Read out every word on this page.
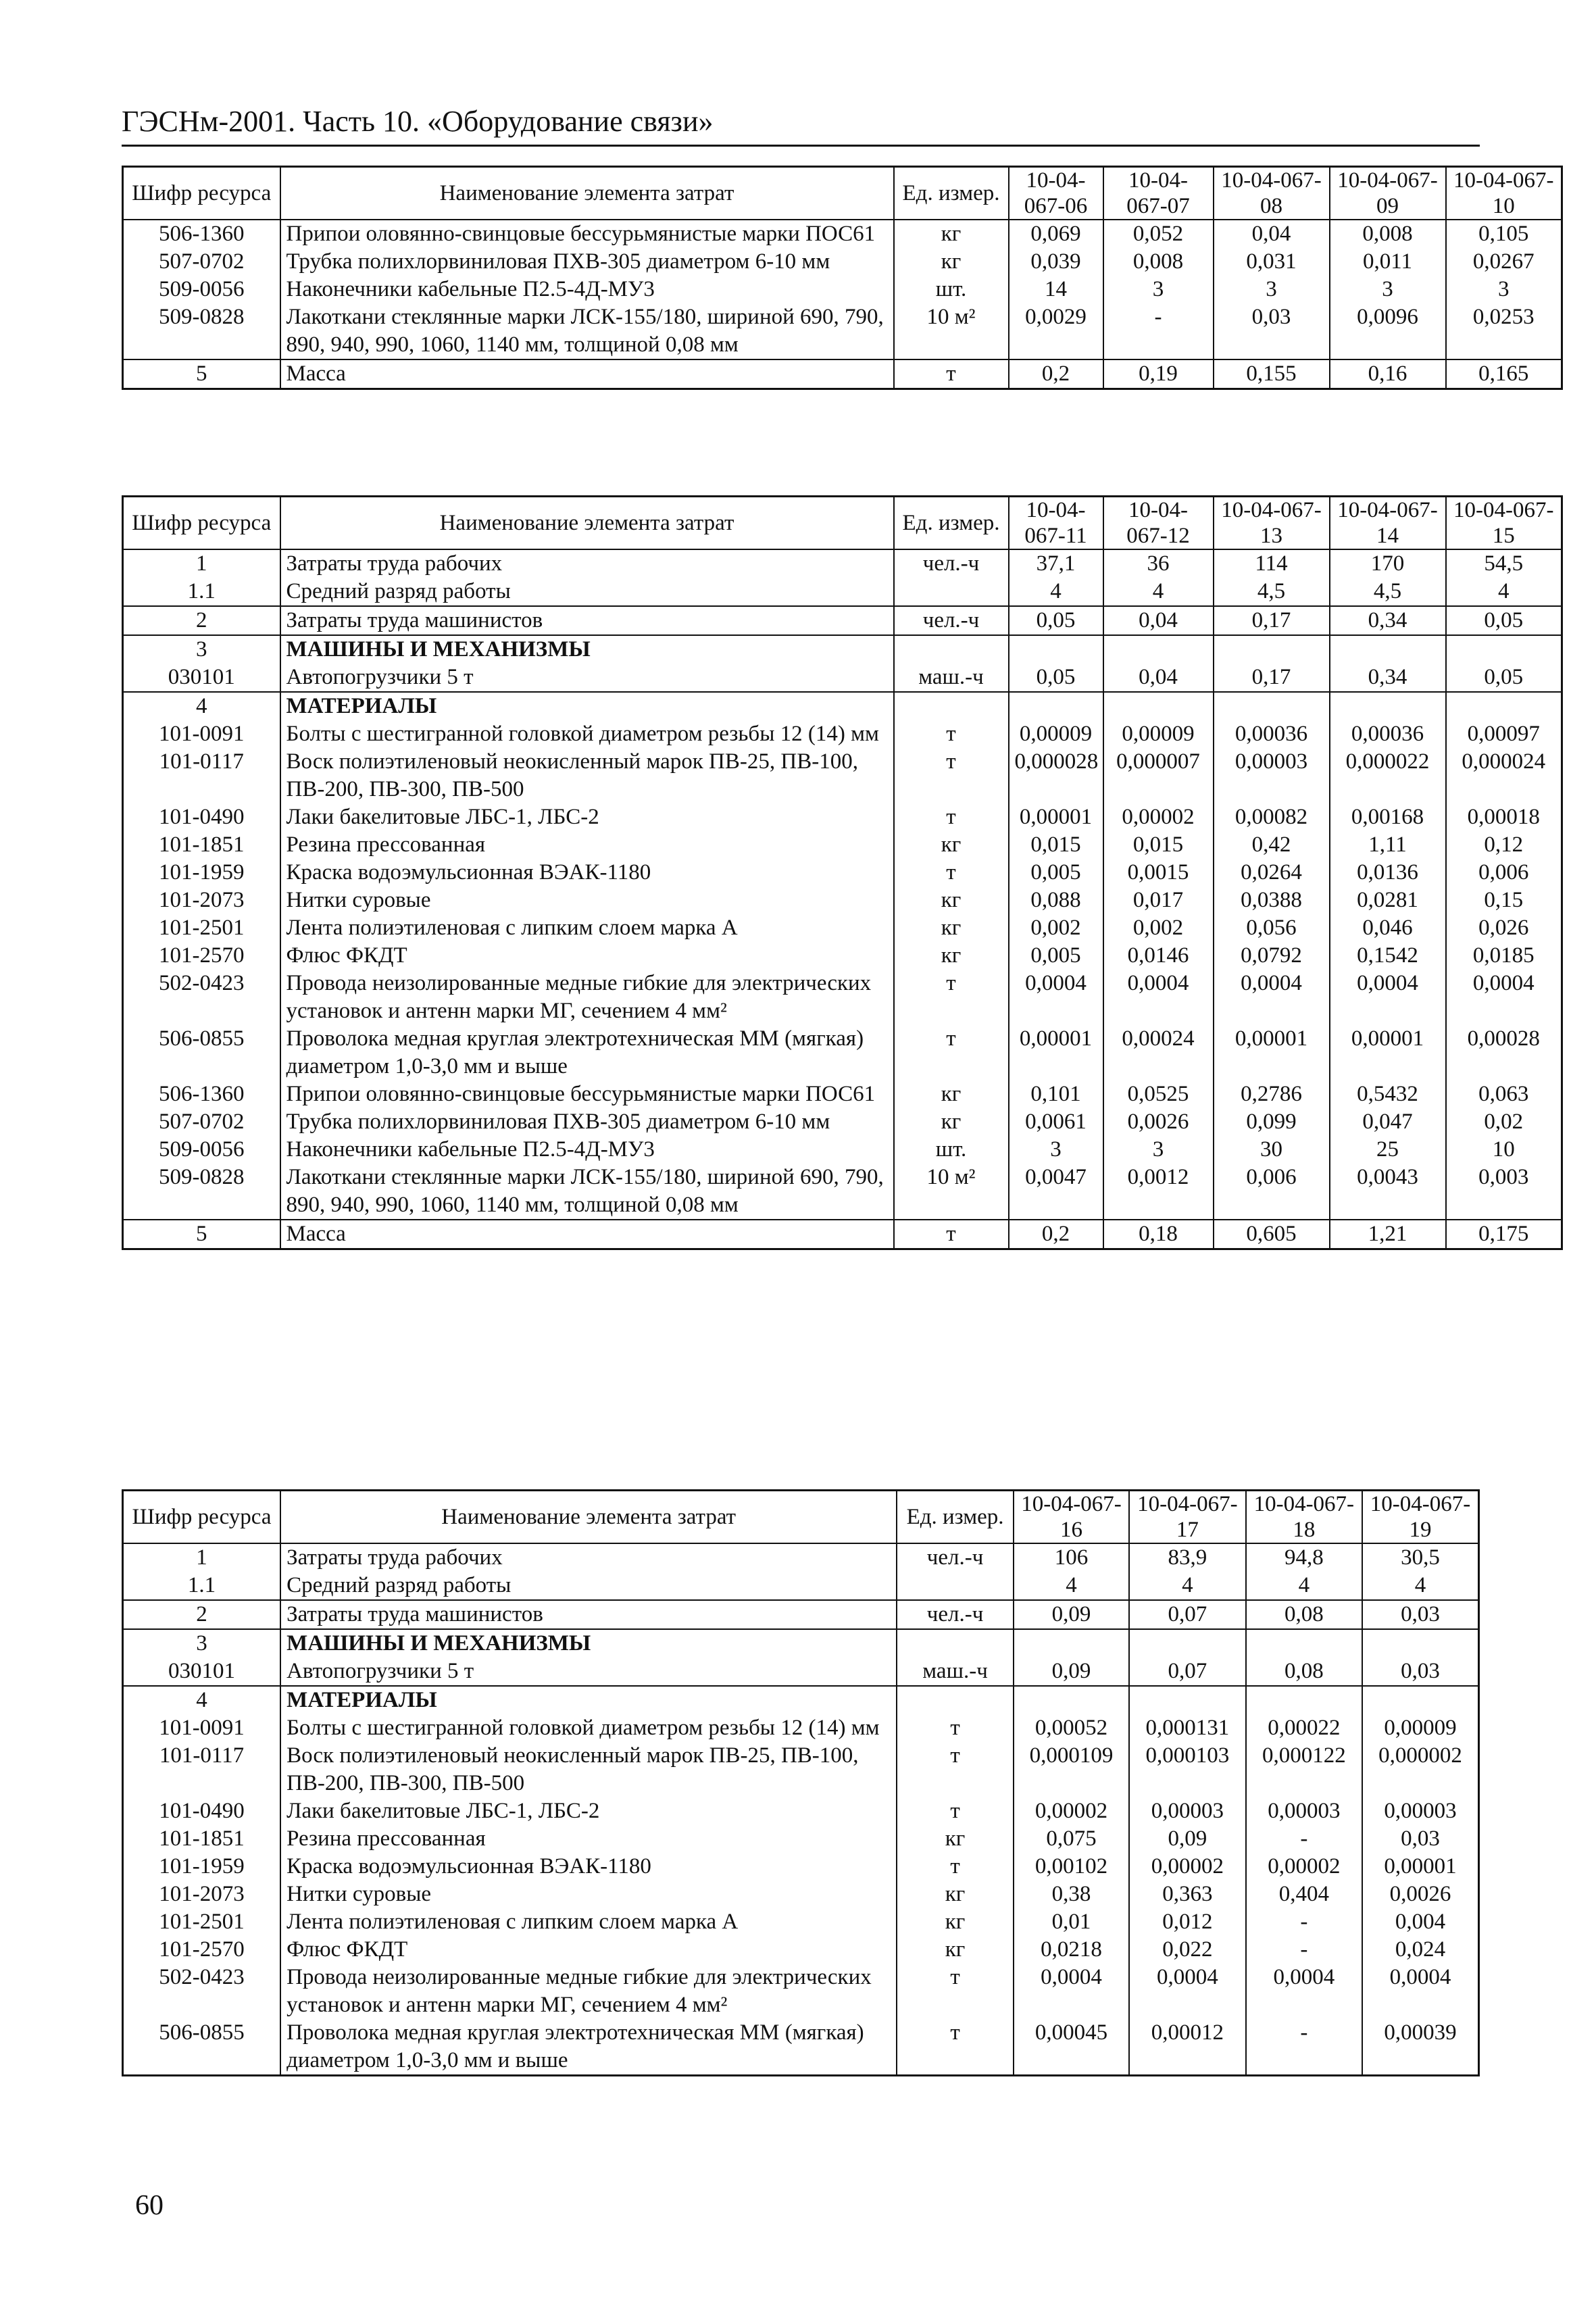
ГЭСНм-2001. Часть 10. «Оборудование связи»
Шифр ресурса	Наименование элемента затрат	Ед. измер.	10-04-067-06	10-04-067-07	10-04-067-08	10-04-067-09	10-04-067-10
506-1360	Припои оловянно-свинцовые бессурьмянистые марки ПОС61	кг	0,069	0,052	0,04	0,008	0,105
507-0702	Трубка полихлорвиниловая ПХВ-305 диаметром 6-10 мм	кг	0,039	0,008	0,031	0,011	0,0267
509-0056	Наконечники кабельные П2.5-4Д-МУ3	шт.	14	3	3	3	3
509-0828	Лакоткани стеклянные марки ЛСК-155/180, шириной 690, 790, 890, 940, 990, 1060, 1140 мм, толщиной 0,08 мм	10 м²	0,0029	-	0,03	0,0096	0,0253
5	Масса	т	0,2	0,19	0,155	0,16	0,165
Шифр ресурса	Наименование элемента затрат	Ед. измер.	10-04-067-11	10-04-067-12	10-04-067-13	10-04-067-14	10-04-067-15
1	Затраты труда рабочих	чел.-ч	37,1	36	114	170	54,5
1.1	Средний разряд работы		4	4	4,5	4,5	4
2	Затраты труда машинистов	чел.-ч	0,05	0,04	0,17	0,34	0,05
3	МАШИНЫ И МЕХАНИЗМЫ						
030101	Автопогрузчики 5 т	маш.-ч	0,05	0,04	0,17	0,34	0,05
4	МАТЕРИАЛЫ						
101-0091	Болты с шестигранной головкой диаметром резьбы 12 (14) мм	т	0,00009	0,00009	0,00036	0,00036	0,00097
101-0117	Воск полиэтиленовый неокисленный марок ПВ-25, ПВ-100, ПВ-200, ПВ-300, ПВ-500	т	0,000028	0,000007	0,00003	0,000022	0,000024
101-0490	Лаки бакелитовые ЛБС-1, ЛБС-2	т	0,00001	0,00002	0,00082	0,00168	0,00018
101-1851	Резина прессованная	кг	0,015	0,015	0,42	1,11	0,12
101-1959	Краска водоэмульсионная ВЭАК-1180	т	0,005	0,0015	0,0264	0,0136	0,006
101-2073	Нитки суровые	кг	0,088	0,017	0,0388	0,0281	0,15
101-2501	Лента полиэтиленовая с липким слоем марка А	кг	0,002	0,002	0,056	0,046	0,026
101-2570	Флюс ФКДТ	кг	0,005	0,0146	0,0792	0,1542	0,0185
502-0423	Провода неизолированные медные гибкие для электрических установок и антенн марки МГ, сечением 4 мм²	т	0,0004	0,0004	0,0004	0,0004	0,0004
506-0855	Проволока медная круглая электротехническая ММ (мягкая) диаметром 1,0-3,0 мм и выше	т	0,00001	0,00024	0,00001	0,00001	0,00028
506-1360	Припои оловянно-свинцовые бессурьмянистые марки ПОС61	кг	0,101	0,0525	0,2786	0,5432	0,063
507-0702	Трубка полихлорвиниловая ПХВ-305 диаметром 6-10 мм	кг	0,0061	0,0026	0,099	0,047	0,02
509-0056	Наконечники кабельные П2.5-4Д-МУ3	шт.	3	3	30	25	10
509-0828	Лакоткани стеклянные марки ЛСК-155/180, шириной 690, 790, 890, 940, 990, 1060, 1140 мм, толщиной 0,08 мм	10 м²	0,0047	0,0012	0,006	0,0043	0,003
5	Масса	т	0,2	0,18	0,605	1,21	0,175
Шифр ресурса	Наименование элемента затрат	Ед. измер.	10-04-067-16	10-04-067-17	10-04-067-18	10-04-067-19
1	Затраты труда рабочих	чел.-ч	106	83,9	94,8	30,5
1.1	Средний разряд работы		4	4	4	4
2	Затраты труда машинистов	чел.-ч	0,09	0,07	0,08	0,03
3	МАШИНЫ И МЕХАНИЗМЫ					
030101	Автопогрузчики 5 т	маш.-ч	0,09	0,07	0,08	0,03
4	МАТЕРИАЛЫ					
101-0091	Болты с шестигранной головкой диаметром резьбы 12 (14) мм	т	0,00052	0,000131	0,00022	0,00009
101-0117	Воск полиэтиленовый неокисленный марок ПВ-25, ПВ-100, ПВ-200, ПВ-300, ПВ-500	т	0,000109	0,000103	0,000122	0,000002
101-0490	Лаки бакелитовые ЛБС-1, ЛБС-2	т	0,00002	0,00003	0,00003	0,00003
101-1851	Резина прессованная	кг	0,075	0,09	-	0,03
101-1959	Краска водоэмульсионная ВЭАК-1180	т	0,00102	0,00002	0,00002	0,00001
101-2073	Нитки суровые	кг	0,38	0,363	0,404	0,0026
101-2501	Лента полиэтиленовая с липким слоем марка А	кг	0,01	0,012	-	0,004
101-2570	Флюс ФКДТ	кг	0,0218	0,022	-	0,024
502-0423	Провода неизолированные медные гибкие для электрических установок и антенн марки МГ, сечением 4 мм²	т	0,0004	0,0004	0,0004	0,0004
506-0855	Проволока медная круглая электротехническая ММ (мягкая) диаметром 1,0-3,0 мм и выше	т	0,00045	0,00012	-	0,00039
60
